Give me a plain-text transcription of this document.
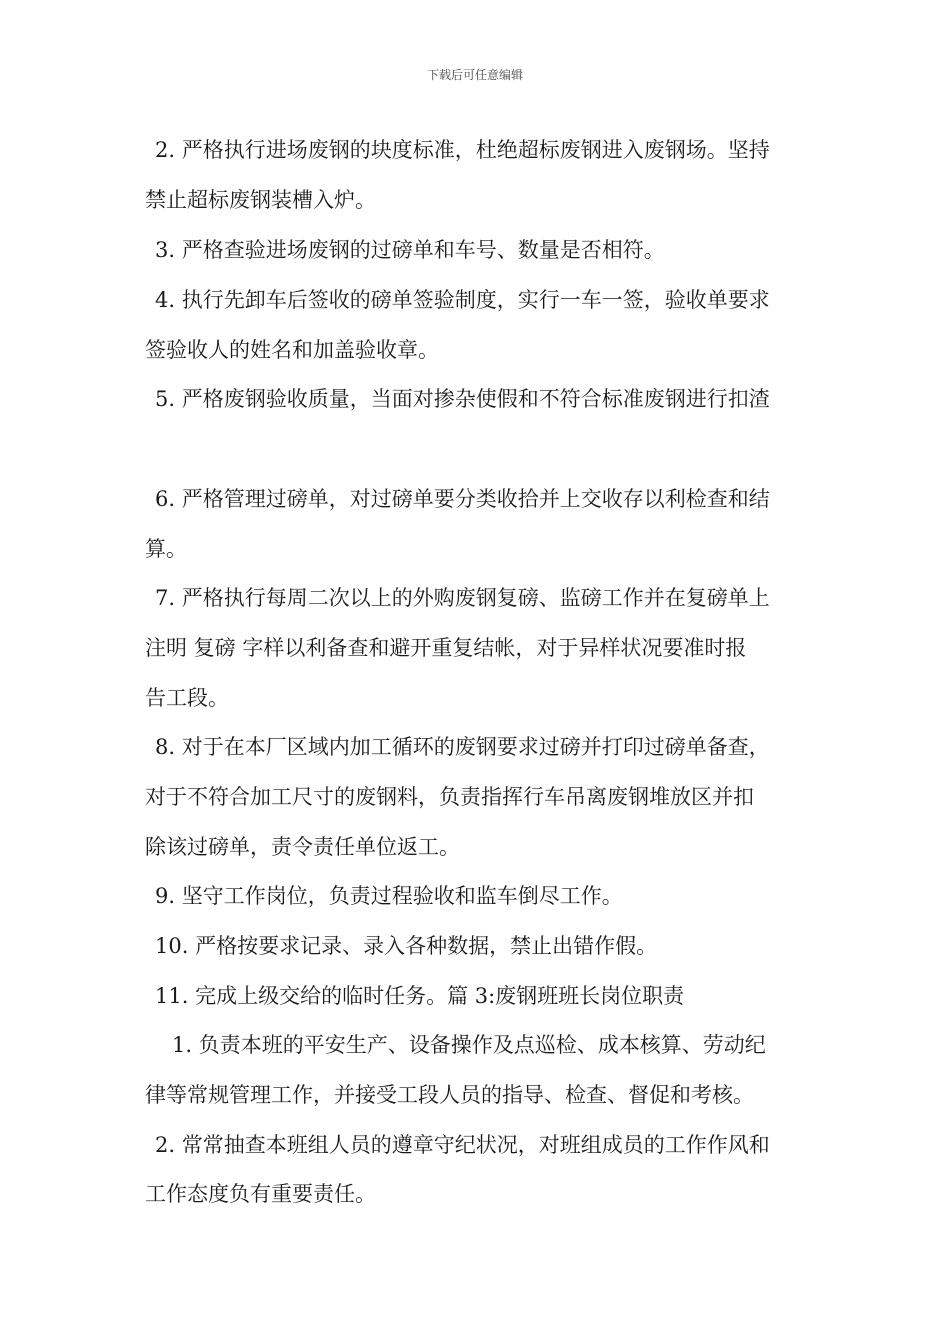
下载后可任意编辑
2. 严格执行进场废钢的块度标准，杜绝超标废钢进入废钢场。坚持
禁止超标废钢装槽入炉。
3. 严格查验进场废钢的过磅单和车号、数量是否相符。
4. 执行先卸车后签收的磅单签验制度，实行一车一签，验收单要求
签验收人的姓名和加盖验收章。
5. 严格废钢验收质量，当面对掺杂使假和不符合标准废钢进行扣渣
6. 严格管理过磅单，对过磅单要分类收拾并上交收存以利检查和结
算。
7. 严格执行每周二次以上的外购废钢复磅、监磅工作并在复磅单上
注明 复磅 字样以利备查和避开重复结帐，对于异样状况要准时报
告工段。
8. 对于在本厂区域内加工循环的废钢要求过磅并打印过磅单备查，
对于不符合加工尺寸的废钢料，负责指挥行车吊离废钢堆放区并扣
除该过磅单，责令责任单位返工。
9. 坚守工作岗位，负责过程验收和监车倒尽工作。
10. 严格按要求记录、录入各种数据，禁止出错作假。
11. 完成上级交给的临时任务。篇 3:废钢班班长岗位职责
1. 负责本班的平安生产、设备操作及点巡检、成本核算、劳动纪
律等常规管理工作，并接受工段人员的指导、检查、督促和考核。
2. 常常抽查本班组人员的遵章守纪状况，对班组成员的工作作风和
工作态度负有重要责任。
